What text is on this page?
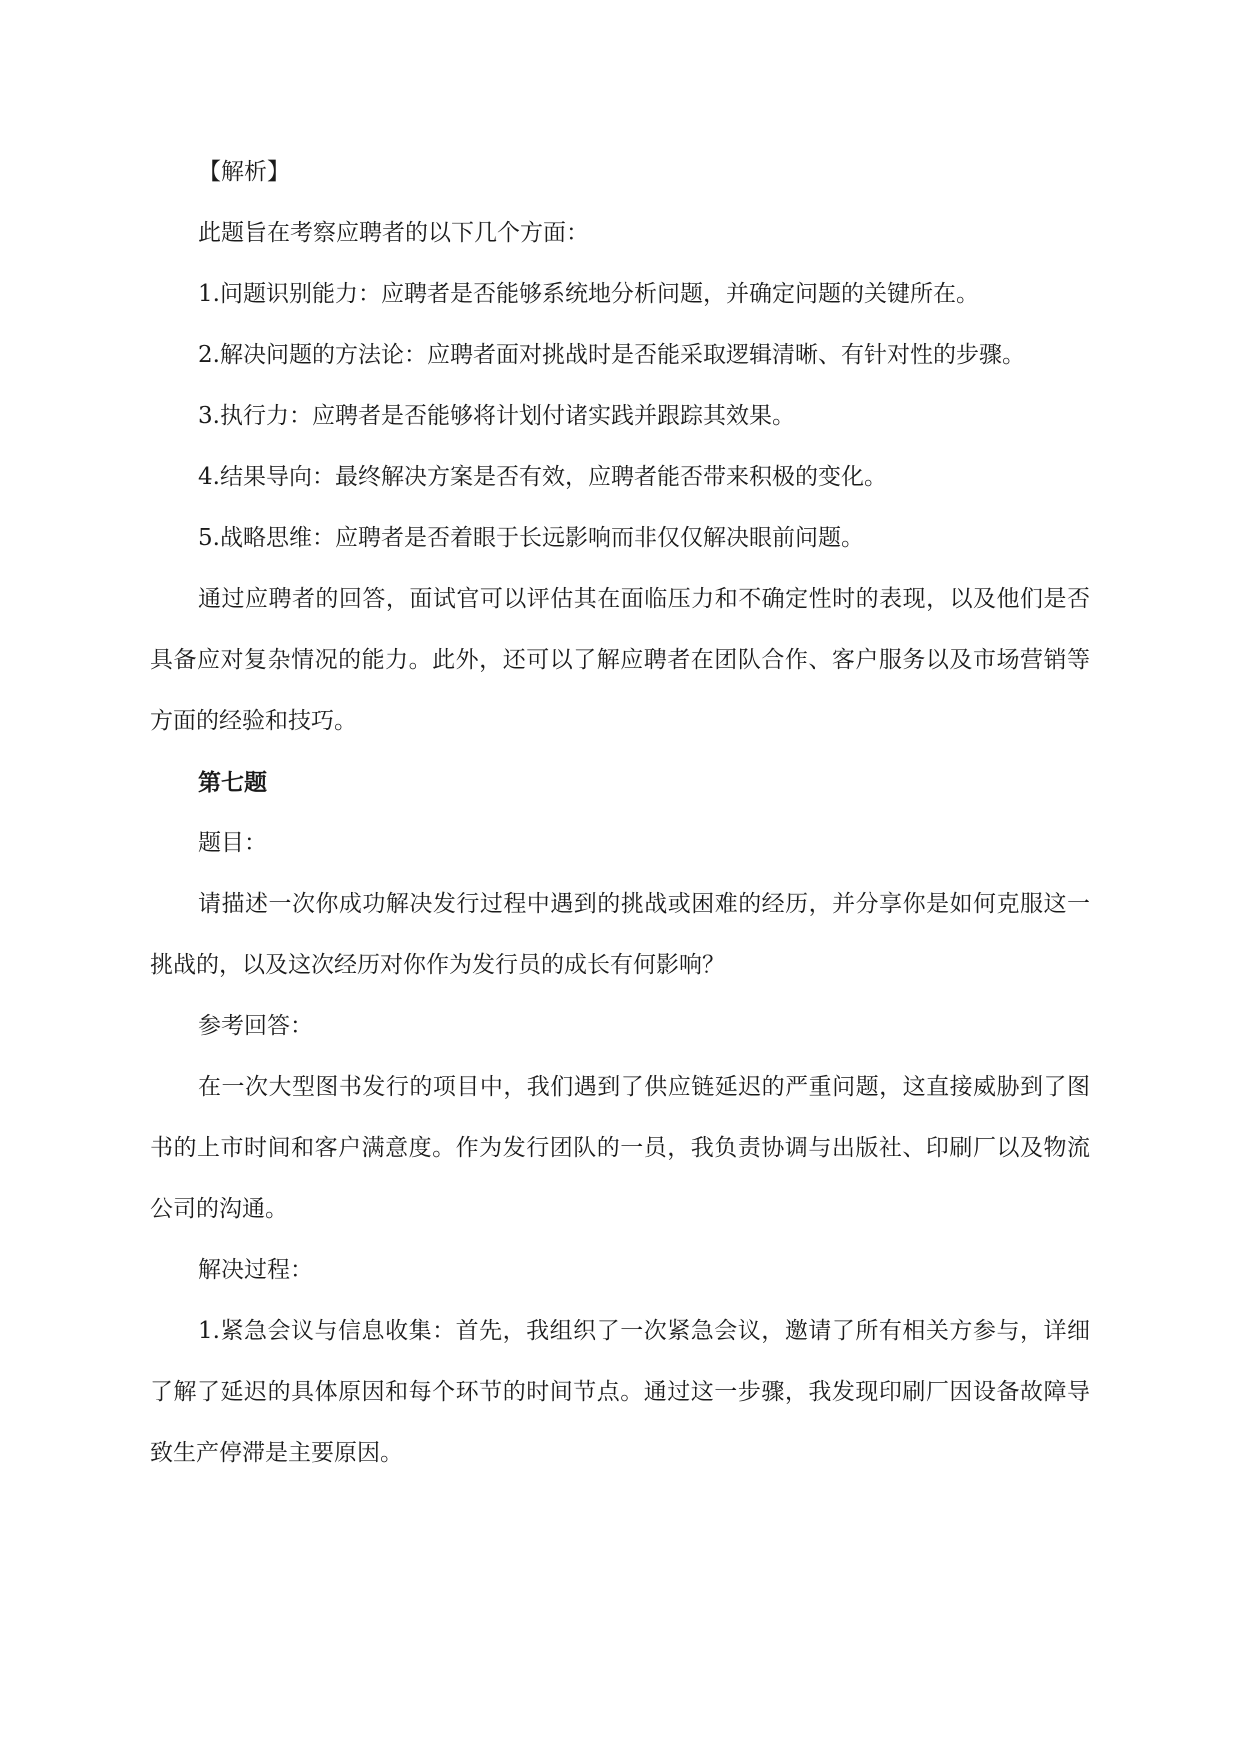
【解析】

此题旨在考察应聘者的以下几个方面：

1.问题识别能力：应聘者是否能够系统地分析问题，并确定问题的关键所在。

2.解决问题的方法论：应聘者面对挑战时是否能采取逻辑清晰、有针对性的步骤。

3.执行力：应聘者是否能够将计划付诸实践并跟踪其效果。

4.结果导向：最终解决方案是否有效，应聘者能否带来积极的变化。

5.战略思维：应聘者是否着眼于长远影响而非仅仅解决眼前问题。

通过应聘者的回答，面试官可以评估其在面临压力和不确定性时的表现，以及他们是否具备应对复杂情况的能力。此外，还可以了解应聘者在团队合作、客户服务以及市场营销等方面的经验和技巧。

第七题

题目：

请描述一次你成功解决发行过程中遇到的挑战或困难的经历，并分享你是如何克服这一挑战的，以及这次经历对你作为发行员的成长有何影响？

参考回答：

在一次大型图书发行的项目中，我们遇到了供应链延迟的严重问题，这直接威胁到了图书的上市时间和客户满意度。作为发行团队的一员，我负责协调与出版社、印刷厂以及物流公司的沟通。

解决过程：

1.紧急会议与信息收集：首先，我组织了一次紧急会议，邀请了所有相关方参与，详细了解了延迟的具体原因和每个环节的时间节点。通过这一步骤，我发现印刷厂因设备故障导致生产停滞是主要原因。
